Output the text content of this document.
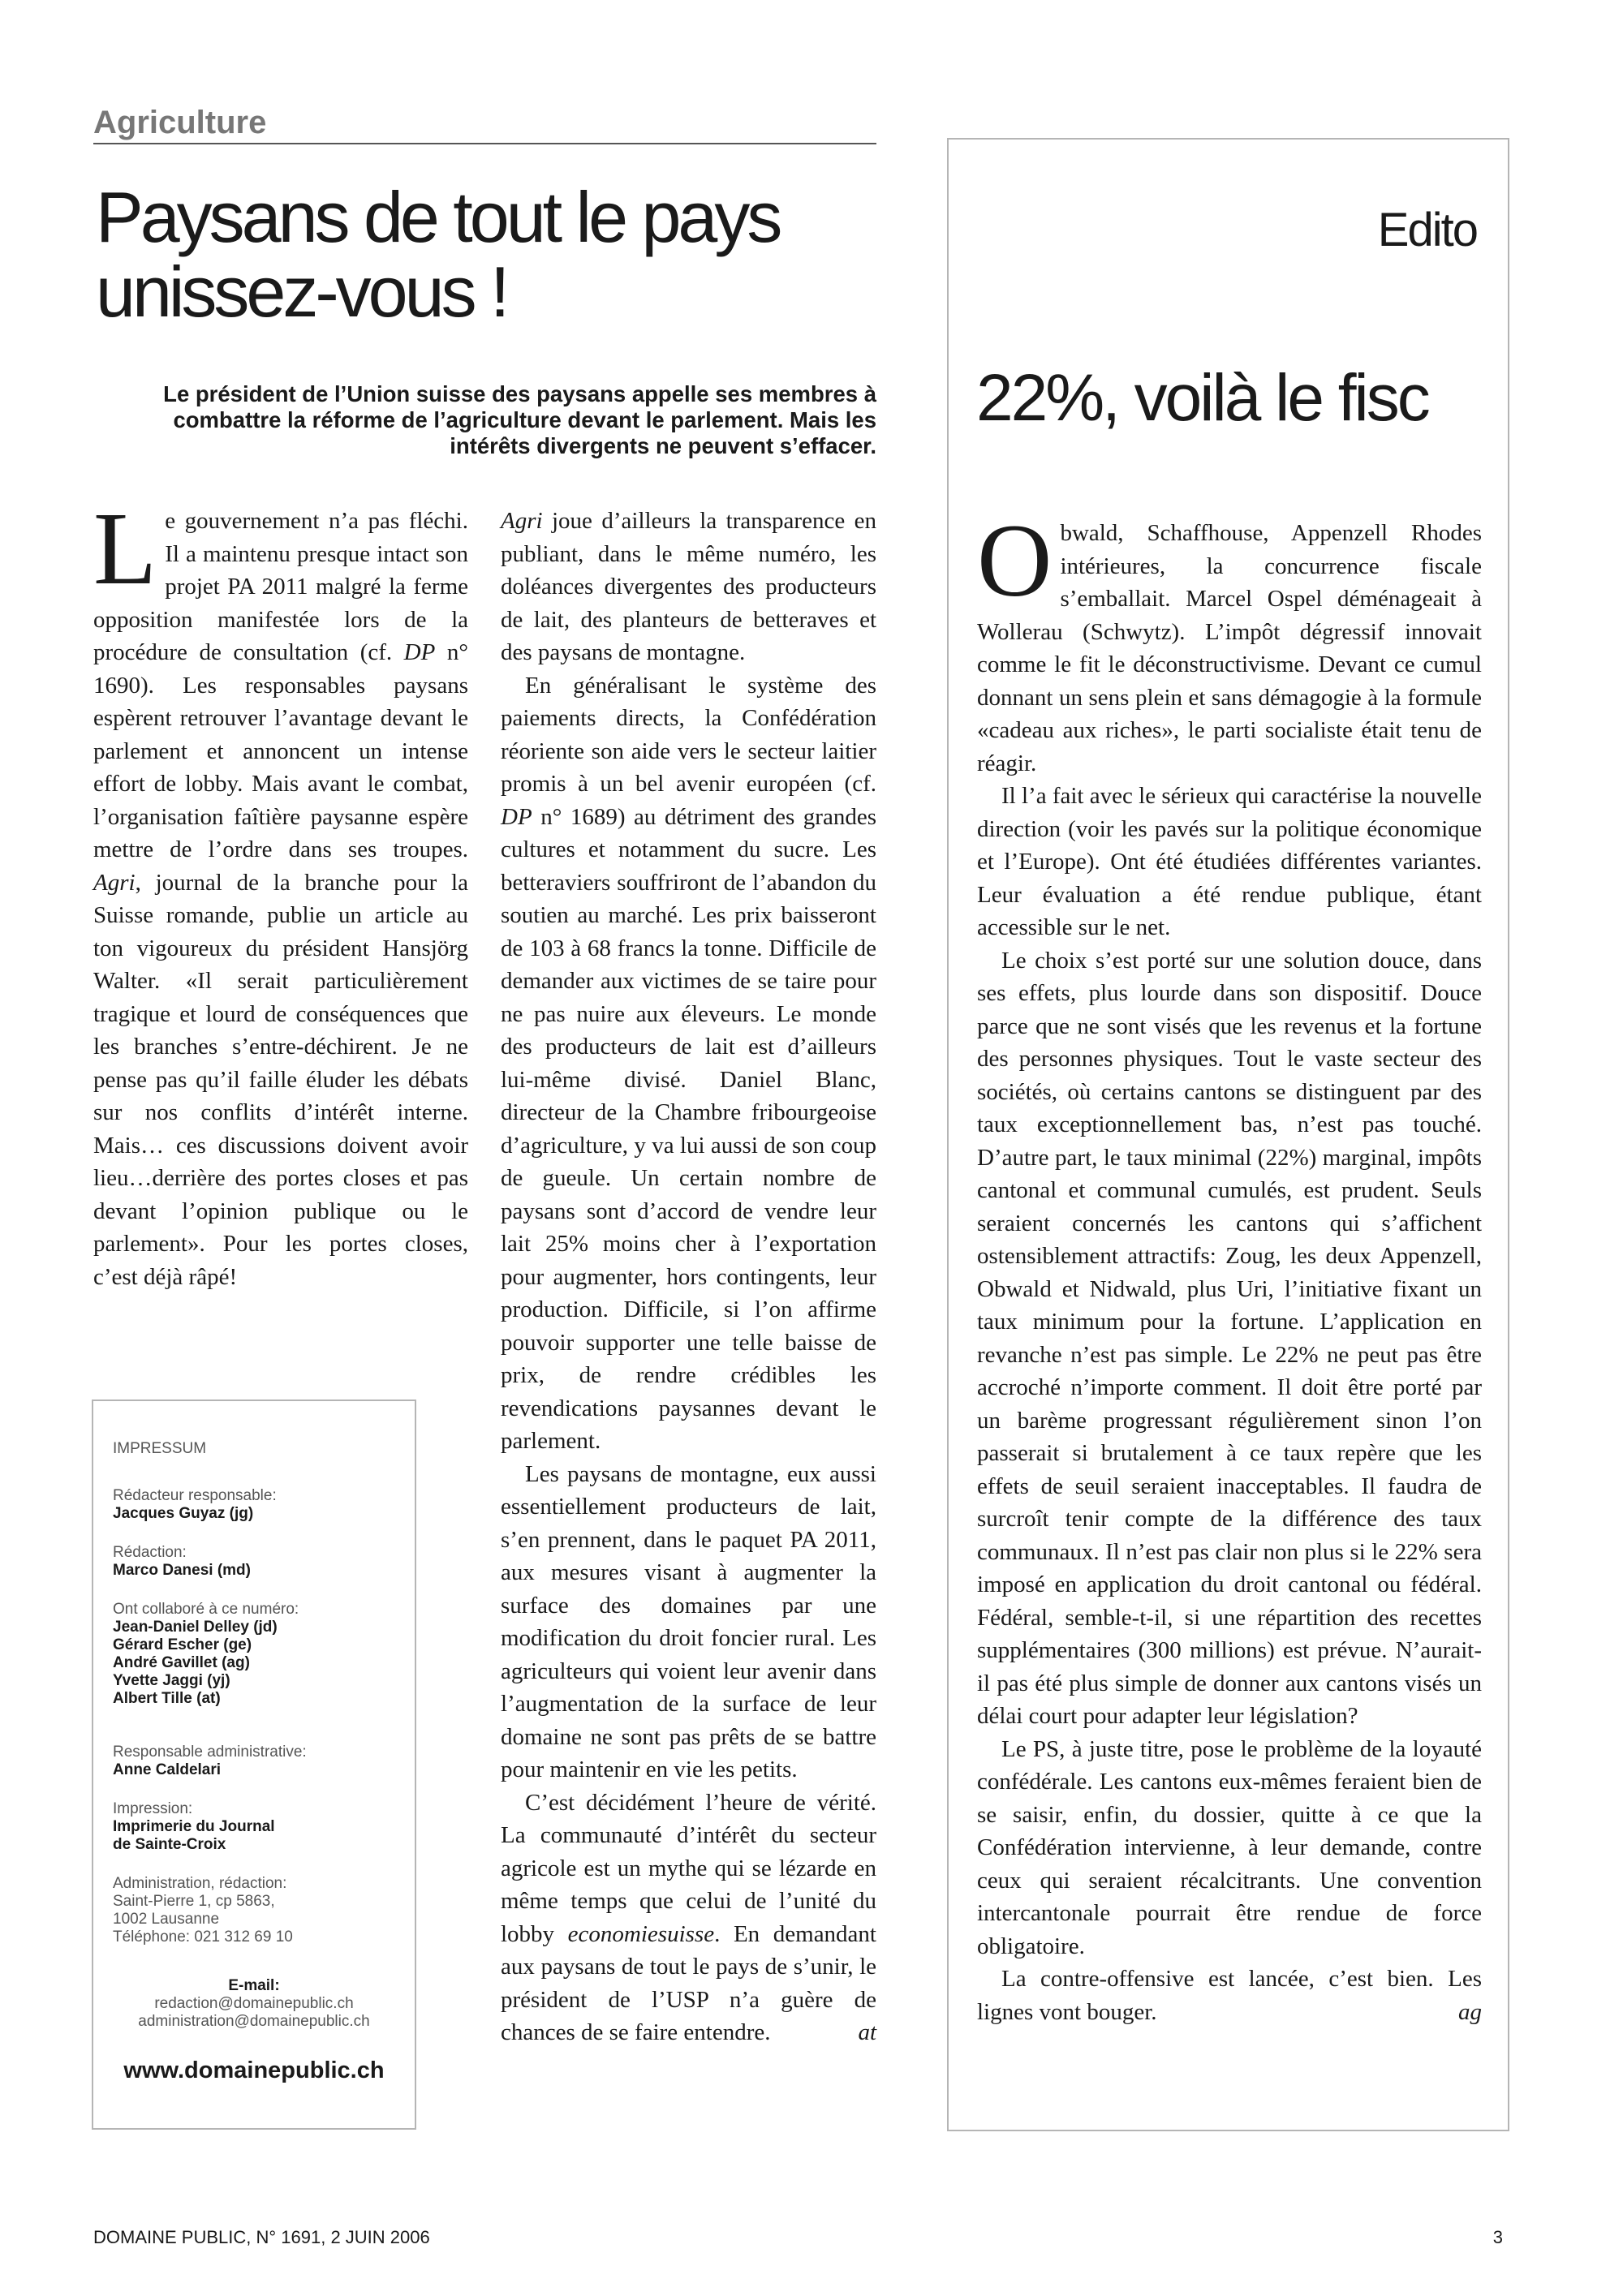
Agriculture
Paysans de tout le pays
unissez-vous !

Le président de l’Union suisse des paysans appelle ses membres à combattre la réforme de l’agriculture devant le parlement. Mais les intérêts divergents ne peuvent s’effacer.

Le gouvernement n’a pas fléchi. Il a maintenu presque intact son projet PA 2011 malgré la ferme opposition manifestée lors de la procédure de consultation (cf. DP n° 1690). Les responsables paysans espèrent retrouver l’avantage devant le parlement et annoncent un intense effort de lobby. Mais avant le combat, l’organisation faîtière paysanne espère mettre de l’ordre dans ses troupes. Agri, journal de la branche pour la Suisse romande, publie un article au ton vigoureux du président Hansjörg Walter. «Il serait particulièrement tragique et lourd de conséquences que les branches s’entre-déchirent. Je ne pense pas qu’il faille éluder les débats sur nos conflits d’intérêt interne. Mais… ces discussions doivent avoir lieu…derrière des portes closes et pas devant l’opinion publique ou le parlement». Pour les portes closes, c’est déjà râpé!

Agri joue d’ailleurs la transparence en publiant, dans le même numéro, les doléances divergentes des producteurs de lait, des planteurs de betteraves et des paysans de montagne.

En généralisant le système des paiements directs, la Confédération réoriente son aide vers le secteur laitier promis à un bel avenir européen (cf. DP n° 1689) au détriment des grandes cultures et notamment du sucre. Les betteraviers souffriront de l’abandon du soutien au marché. Les prix baisseront de 103 à 68 francs la tonne. Difficile de demander aux victimes de se taire pour ne pas nuire aux éleveurs. Le monde des producteurs de lait est d’ailleurs lui-même divisé. Daniel Blanc, directeur de la Chambre fribourgeoise d’agriculture, y va lui aussi de son coup de gueule. Un certain nombre de paysans sont d’accord de vendre leur lait 25% moins cher à l’exportation pour augmenter, hors contingents, leur production. Difficile, si l’on affirme pouvoir supporter une telle baisse de prix, de rendre crédibles les revendications paysannes devant le parlement.

Les paysans de montagne, eux aussi essentiellement producteurs de lait, s’en prennent, dans le paquet PA 2011, aux mesures visant à augmenter la surface des domaines par une modification du droit foncier rural. Les agriculteurs qui voient leur avenir dans l’augmentation de la surface de leur domaine ne sont pas prêts de se battre pour maintenir en vie les petits.

C’est décidément l’heure de vérité. La communauté d’intérêt du secteur agricole est un mythe qui se lézarde en même temps que celui de l’unité du lobby economiesuisse. En demandant aux paysans de tout le pays de s’unir, le président de l’USP n’a guère de chances de se faire entendre.	at

IMPRESSUM
Rédacteur responsable:
Jacques Guyaz (jg)
Rédaction:
Marco Danesi (md)
Ont collaboré à ce numéro:
Jean-Daniel Delley (jd)
Gérard Escher (ge)
André Gavillet (ag)
Yvette Jaggi (yj)
Albert Tille (at)
Responsable administrative:
Anne Caldelari
Impression:
Imprimerie du Journal
de Sainte-Croix
Administration, rédaction:
Saint-Pierre 1, cp 5863,
1002 Lausanne
Téléphone: 021 312 69 10
E-mail:
redaction@domainepublic.ch
administration@domainepublic.ch
www.domainepublic.ch
Edito
22%, voilà le fisc

Obwald, Schaffhouse, Appenzell Rhodes intérieures, la concurrence fiscale s’emballait. Marcel Ospel déménageait à Wollerau (Schwytz). L’impôt dégressif innovait comme le fit le déconstructivisme. Devant ce cumul donnant un sens plein et sans démagogie à la formule «cadeau aux riches», le parti socialiste était tenu de réagir.

Il l’a fait avec le sérieux qui caractérise la nouvelle direction (voir les pavés sur la politique économique et l’Europe). Ont été étudiées différentes variantes. Leur évaluation a été rendue publique, étant accessible sur le net.

Le choix s’est porté sur une solution douce, dans ses effets, plus lourde dans son dispositif. Douce parce que ne sont visés que les revenus et la fortune des personnes physiques. Tout le vaste secteur des sociétés, où certains cantons se distinguent par des taux exceptionnellement bas, n’est pas touché. D’autre part, le taux minimal (22%) marginal, impôts cantonal et communal cumulés, est prudent. Seuls seraient concernés les cantons qui s’affichent ostensiblement attractifs: Zoug, les deux Appenzell, Obwald et Nidwald, plus Uri, l’initiative fixant un taux minimum pour la fortune. L’application en revanche n’est pas simple. Le 22% ne peut pas être accroché n’importe comment. Il doit être porté par un barème progressant régulièrement sinon l’on passerait si brutalement à ce taux repère que les effets de seuil seraient inacceptables. Il faudra de surcroît tenir compte de la différence des taux communaux. Il n’est pas clair non plus si le 22% sera imposé en application du droit cantonal ou fédéral. Fédéral, semble-t-il, si une répartition des recettes supplémentaires (300 millions) est prévue. N’aurait-il pas été plus simple de donner aux cantons visés un délai court pour adapter leur législation?

Le PS, à juste titre, pose le problème de la loyauté confédérale. Les cantons eux-mêmes feraient bien de se saisir, enfin, du dossier, quitte à ce que la Confédération intervienne, à leur demande, contre ceux qui seraient récalcitrants. Une convention intercantonale pourrait être rendue de force obligatoire.

La contre-offensive est lancée, c’est bien. Les lignes vont bouger.	ag

DOMAINE PUBLIC, N° 1691, 2 JUIN 2006	3
